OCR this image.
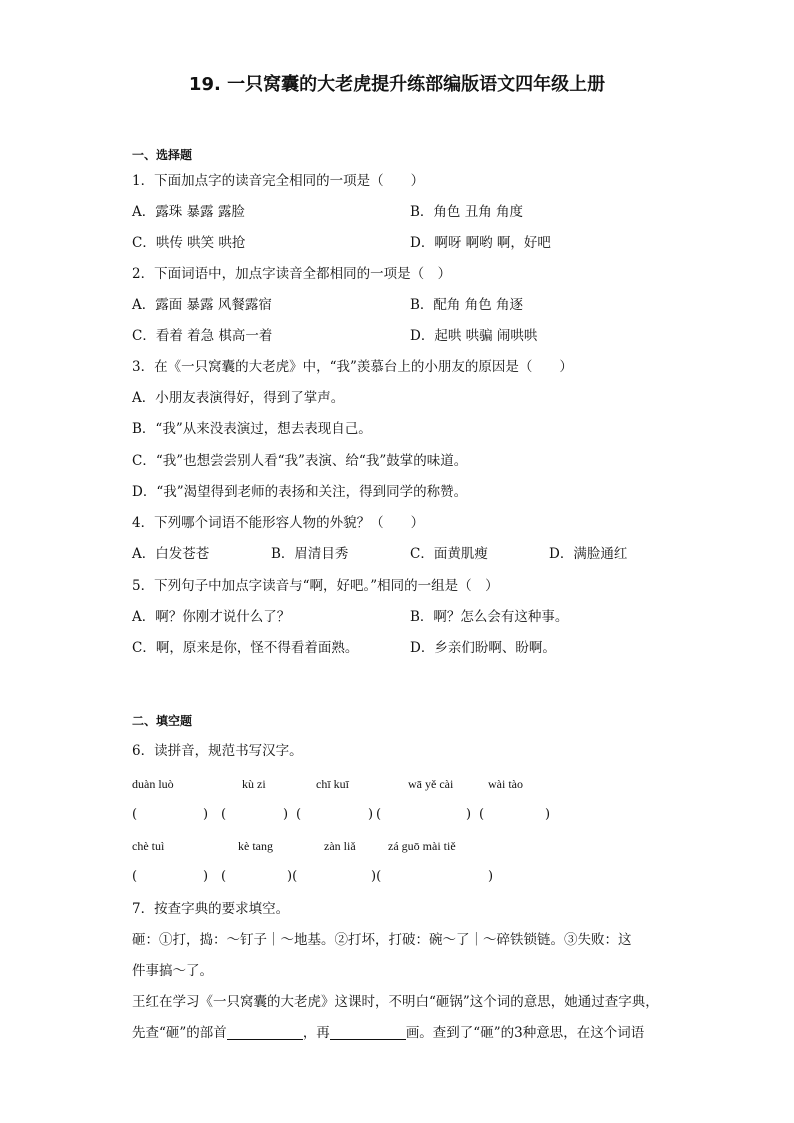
19. 一只窝囊的大老虎提升练部编版语文四年级上册
一、选择题
1．下面加点字的读音完全相同的一项是（　　）
A．露珠 暴露 露脸	B．角色 丑角 角度
C．哄传 哄笑 哄抢	D．啊呀 啊哟 啊，好吧
2．下面词语中，加点字读音全都相同的一项是（　）
A．露面 暴露 风餐露宿	B．配角 角色 角逐
C．看着 着急 棋高一着	D．起哄 哄骗 闹哄哄
3．在《一只窝囊的大老虎》中，“我”羡慕台上的小朋友的原因是（　　）
A．小朋友表演得好，得到了掌声。
B．“我”从来没表演过，想去表现自己。
C．“我”也想尝尝别人看“我”表演、给“我”鼓掌的味道。
D．“我”渴望得到老师的表扬和关注，得到同学的称赞。
4．下列哪个词语不能形容人物的外貌？（　　）
A．白发苍苍	B．眉清目秀	C．面黄肌瘦	D．满脸通红
5．下列句子中加点字读音与“啊，好吧。”相同的一组是（　）
A．啊？你刚才说什么了？	B．啊？怎么会有这种事。
C．啊，原来是你，怪不得看着面熟。	D．乡亲们盼啊、盼啊。
二、填空题
6．读拼音，规范书写汉字。
duàn luò	kù zi	chī kuī	wā yě cài	wài tào
(	) (	) (	) (	) (	)
chè tuì	kè tang	zàn liǎ	zá guō mài tiě
(	) (	)(	)(	)
7．按查字典的要求填空。
砸：①打，捣：～钉子｜～地基。②打坏，打破：碗～了｜～碎铁锁链。③失败：这
件事搞～了。
王红在学习《一只窝囊的大老虎》这课时，不明白“砸锅”这个词的意思，她通过查字典，
先查“砸”的部首	，再	画。查到了“砸”的3种意思，在这个词语
